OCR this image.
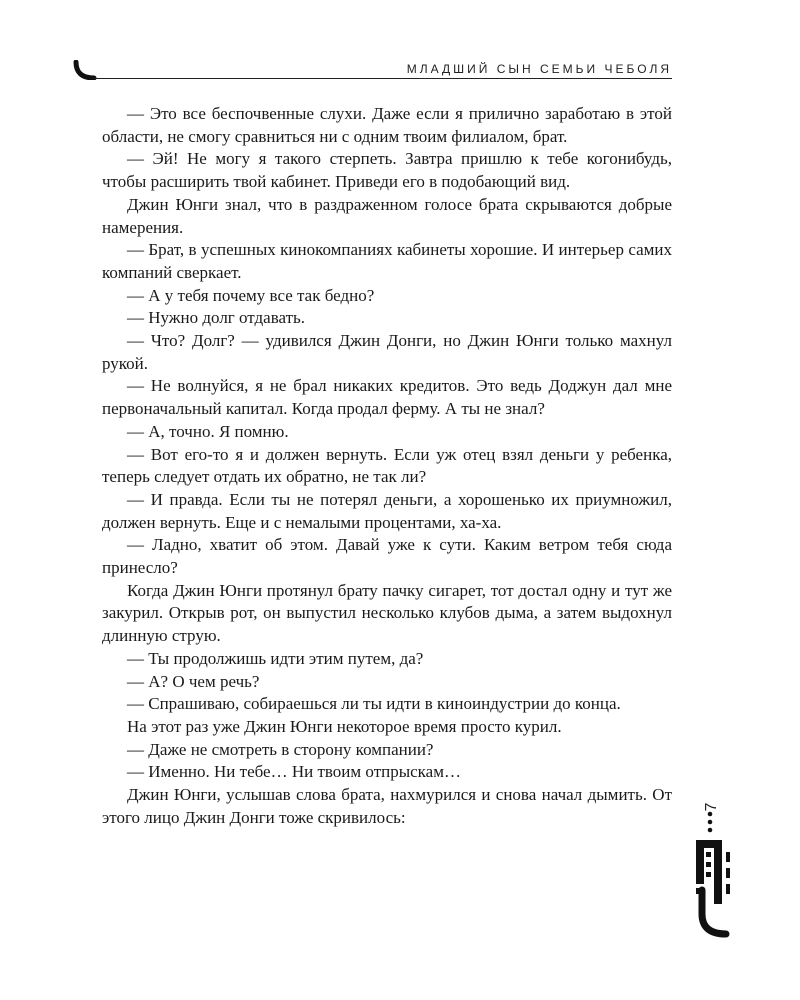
МЛАДШИЙ СЫН СЕМЬИ ЧЕБОЛЯ

— Это все беспочвенные слухи. Даже если я прилично заработаю в этой области, не смогу сравниться ни с одним твоим филиалом, брат.

— Эй! Не могу я такого стерпеть. Завтра пришлю к тебе когонибудь, чтобы расширить твой кабинет. Приведи его в подобающий вид.

Джин Юнги знал, что в раздраженном голосе брата скрываются добрые намерения.

— Брат, в успешных кинокомпаниях кабинеты хорошие. И интерьер самих компаний сверкает.

— А у тебя почему все так бедно?

— Нужно долг отдавать.

— Что? Долг? — удивился Джин Донги, но Джин Юнги только махнул рукой.

— Не волнуйся, я не брал никаких кредитов. Это ведь Доджун дал мне первоначальный капитал. Когда продал ферму. А ты не знал?

— А, точно. Я помню.

— Вот его-то я и должен вернуть. Если уж отец взял деньги у ребенка, теперь следует отдать их обратно, не так ли?

— И правда. Если ты не потерял деньги, а хорошенько их приумножил, должен вернуть. Еще и с немалыми процентами, ха-ха.

— Ладно, хватит об этом. Давай уже к сути. Каким ветром тебя сюда принесло?

Когда Джин Юнги протянул брату пачку сигарет, тот достал одну и тут же закурил. Открыв рот, он выпустил несколько клубов дыма, а затем выдохнул длинную струю.

— Ты продолжишь идти этим путем, да?

— А? О чем речь?

— Спрашиваю, собираешься ли ты идти в киноиндустрии до конца.

На этот раз уже Джин Юнги некоторое время просто курил.

— Даже не смотреть в сторону компании?

— Именно. Ни тебе… Ни твоим отпрыскам…

Джин Юнги, услышав слова брата, нахмурился и снова начал дымить. От этого лицо Джин Донги тоже скривилось:

7
